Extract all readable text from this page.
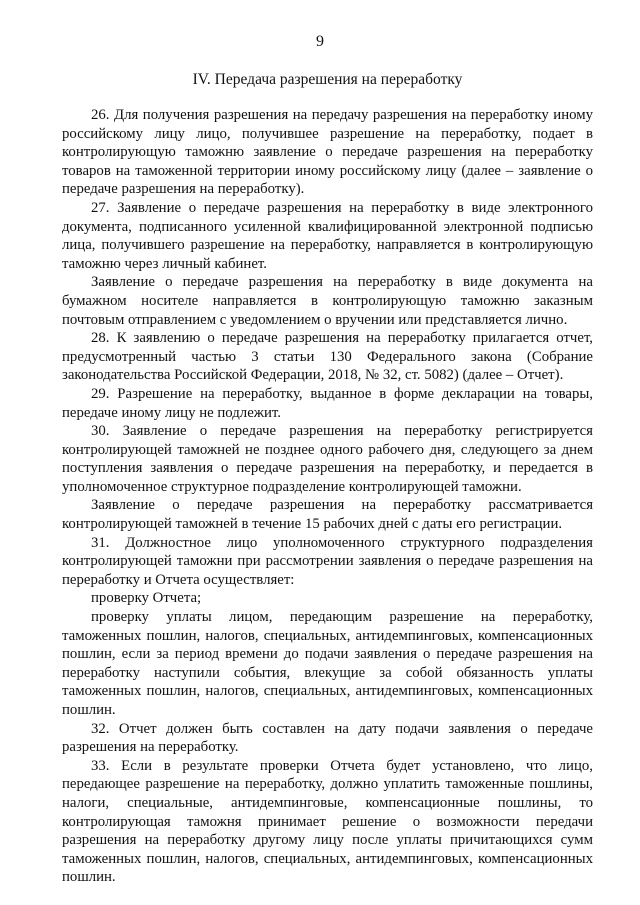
9
IV. Передача разрешения на переработку

26. Для получения разрешения на передачу разрешения на переработку иному российскому лицу лицо, получившее разрешение на переработку, подает в контролирующую таможню заявление о передаче разрешения на переработку товаров на таможенной территории иному российскому лицу (далее – заявление о передаче разрешения на переработку).

27. Заявление о передаче разрешения на переработку в виде электронного документа, подписанного усиленной квалифицированной электронной подписью лица, получившего разрешение на переработку, направляется в контролирующую таможню через личный кабинет.

Заявление о передаче разрешения на переработку в виде документа на бумажном носителе направляется в контролирующую таможню заказным почтовым отправлением с уведомлением о вручении или представляется лично.

28. К заявлению о передаче разрешения на переработку прилагается отчет, предусмотренный частью 3 статьи 130 Федерального закона (Собрание законодательства Российской Федерации, 2018, № 32, ст. 5082) (далее – Отчет).

29. Разрешение на переработку, выданное в форме декларации на товары, передаче иному лицу не подлежит.

30. Заявление о передаче разрешения на переработку регистрируется контролирующей таможней не позднее одного рабочего дня, следующего за днем поступления заявления о передаче разрешения на переработку, и передается в уполномоченное структурное подразделение контролирующей таможни.

Заявление о передаче разрешения на переработку рассматривается контролирующей таможней в течение 15 рабочих дней с даты его регистрации.

31. Должностное лицо уполномоченного структурного подразделения контролирующей таможни при рассмотрении заявления о передаче разрешения на переработку и Отчета осуществляет:

проверку Отчета;

проверку уплаты лицом, передающим разрешение на переработку, таможенных пошлин, налогов, специальных, антидемпинговых, компенсационных пошлин, если за период времени до подачи заявления о передаче разрешения на переработку наступили события, влекущие за собой обязанность уплаты таможенных пошлин, налогов, специальных, антидемпинговых, компенсационных пошлин.

32. Отчет должен быть составлен на дату подачи заявления о передаче разрешения на переработку.

33. Если в результате проверки Отчета будет установлено, что лицо, передающее разрешение на переработку, должно уплатить таможенные пошлины, налоги, специальные, антидемпинговые, компенсационные пошлины, то контролирующая таможня принимает решение о возможности передачи разрешения на переработку другому лицу после уплаты причитающихся сумм таможенных пошлин, налогов, специальных, антидемпинговых, компенсационных пошлин.
